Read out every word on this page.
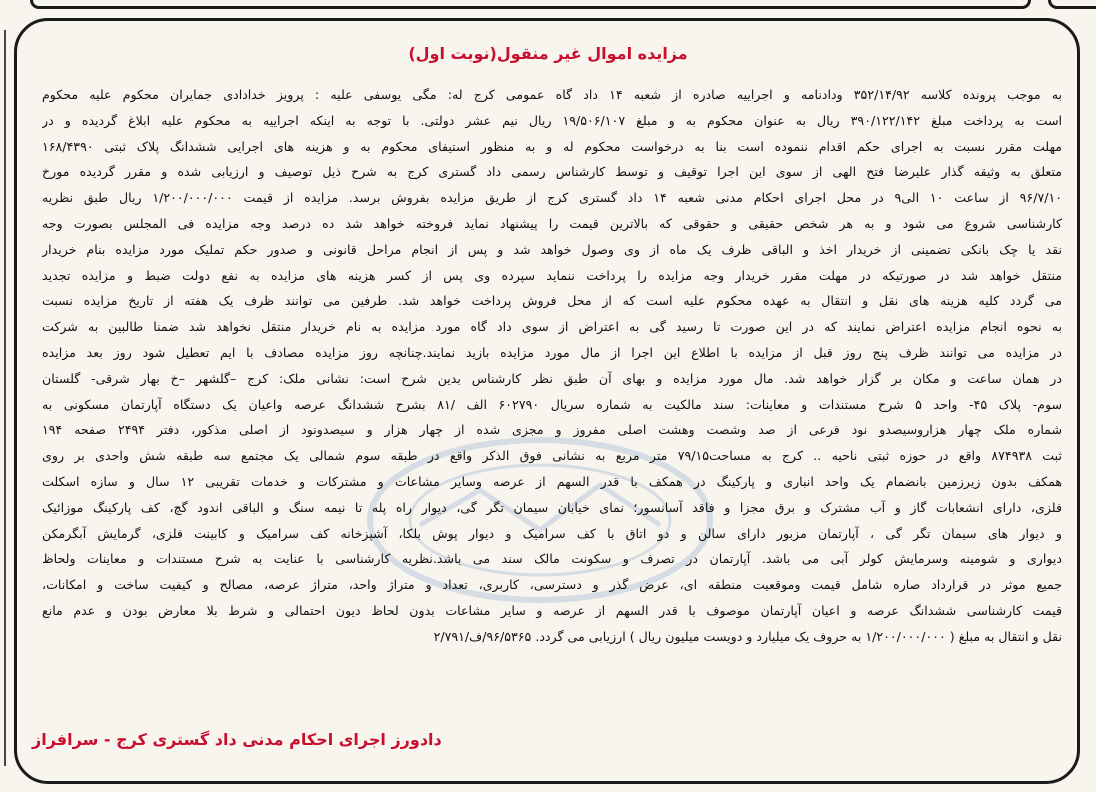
مزایده اموال غیر منقول(نوبت اول)
به موجب پرونده کلاسه ۳۵۲/۱۴/۹۲ ودادنامه و اجراییه صادره از شعبه ۱۴ داد گاه عمومی کرج له: مگی یوسفی علیه : پرویز خدادادی جمایران محکوم علیه محکوم
است به پرداخت مبلغ ۳۹۰/۱۲۲/۱۴۲ ریال به عنوان محکوم به و مبلغ ۱۹/۵۰۶/۱۰۷ ریال نیم عشر دولتی. با توجه به اینکه اجراییه به محکوم علیه ابلاغ گردیده و در
مهلت مقرر نسبت به اجرای حکم اقدام ننموده است بنا به درخواست محکوم له و به منظور استیفای محکوم به و هزینه های اجرایی ششدانگ پلاک ثبتی ۱۶۸/۴۳۹۰
متعلق به وثیقه گذار علیرضا فتح الهی از سوی این اجرا توقیف و توسط کارشناس رسمی داد گستری کرج به شرح ذیل توصیف و ارزیابی شده و مقرر گردیده مورخ
۹۶/۷/۱۰ از ساعت ۱۰ الی۹ در محل اجرای احکام مدنی شعبه ۱۴ داد گستری کرج از طریق مزایده بفروش برسد. مزایده از قیمت ۱/۲۰۰/۰۰۰/۰۰۰ ریال طبق نظریه
کارشناسی شروع می شود و به هر شخص حقیقی و حقوقی که بالاترین قیمت را پیشنهاد نماید فروخته خواهد شد ده درصد وجه مزایده فی المجلس بصورت وجه
نقد یا چک بانکی تضمینی از خریدار اخذ و الباقی ظرف یک ماه از وی وصول خواهد شد و پس از انجام مراحل قانونی و صدور حکم تملیک مورد مزایده بنام خریدار
منتقل خواهد شد در صورتیکه در مهلت مقرر خریدار وجه مزایده را پرداخت ننماید سپرده وی پس از کسر هزینه های مزایده به نفع دولت ضبط و مزایده تجدید
می گردد کلیه هزینه های نقل و انتقال به عهده محکوم علیه است که از محل فروش پرداخت خواهد شد. طرفین می توانند ظرف یک هفته از تاریخ مزایده نسبت
به نحوه انجام مزایده اعتراض نمایند که در این صورت تا رسید گی به اعتراض از سوی داد گاه مورد مزایده به نام خریدار منتقل نخواهد شد ضمنا طالبین به شرکت
در مزایده می توانند ظرف پنج روز قبل از مزایده با اطلاع این اجرا از مال مورد مزایده بازید نمایند.چنانچه روز مزایده مصادف با ایم تعطیل شود روز بعد مزایده
در همان ساعت و مکان بر گزار خواهد شد. مال مورد مزایده و بهای آن طبق نظر کارشناس بدین شرح است: نشانی ملک: کرج –گلشهر –خ بهار شرقی- گلستان
سوم- پلاک ۴۵- واحد ۵ شرح مستندات و معاینات: سند مالکیت به شماره سریال ۶۰۲۷۹۰ الف /۸۱ بشرح ششدانگ عرصه واعیان یک دستگاه آپارتمان مسکونی به
شماره ملک چهار هزاروسیصدو نود فرعی از صد وشصت وهشت اصلی مفروز و مجزی شده از چهار هزار و سیصدونود از اصلی مذکور، دفتر ۲۴۹۴ صفحه ۱۹۴
ثبت ۸۷۴۹۳۸ واقع در حوزه ثبتی ناحیه .. کرج به مساحت۷۹/۱۵ متر مربع به نشانی فوق الذکر واقع در طبقه سوم شمالی یک مجتمع سه طبقه شش واحدی بر روی
همکف بدون زیرزمین بانضمام یک واحد انباری و پارکینگ در همکف با قدر السهم از عرصه وسایر مشاعات و مشترکات و خدمات تقریبی ۱۲ سال و سازه اسکلت
فلزی، دارای انشعابات گاز و آب مشترک و برق مجزا و فاقد آسانسور؛ نمای خیابان سیمان تگر گی، دیوار راه پله تا نیمه سنگ و الباقی اندود گچ، کف پارکینگ موزائیک
و دیوار های سیمان تگر گی ، آپارتمان مزبور دارای سالن و دو اتاق با کف سرامیک و دیوار پوش بلکا، آشپزخانه کف سرامیک و کابینت فلزی، گرمایش آبگرمکن
دیواری و شومینه وسرمایش کولر آبی می باشد. آپارتمان در تصرف و سکونت مالک سند می باشد.نظریه کارشناسی با عنایت به شرح مستندات و معاینات ولحاظ
جمیع موثر در قرارداد صاره شامل قیمت وموقعیت منطقه ای، عرض گذر و دسترسی، کاربری، تعداد و متراژ واحد، متراژ عرصه، مصالح و کیفیت ساخت و امکانات،
قیمت کارشناسی ششدانگ عرصه و اعیان آپارتمان موصوف با قدر السهم از عرصه و سایر مشاعات بدون لحاظ دیون احتمالی و شرط بلا معارض بودن و عدم مانع
نقل و انتقال به مبلغ ( ۱/۲۰۰/۰۰۰/۰۰۰ به حروف یک میلیارد و دویست میلیون ریال ) ارزیابی می گردد. ۹۶/۵۳۶۵/ف/۲/۷۹۱
دادورز اجرای احکام مدنی داد گستری کرج - سرافراز
